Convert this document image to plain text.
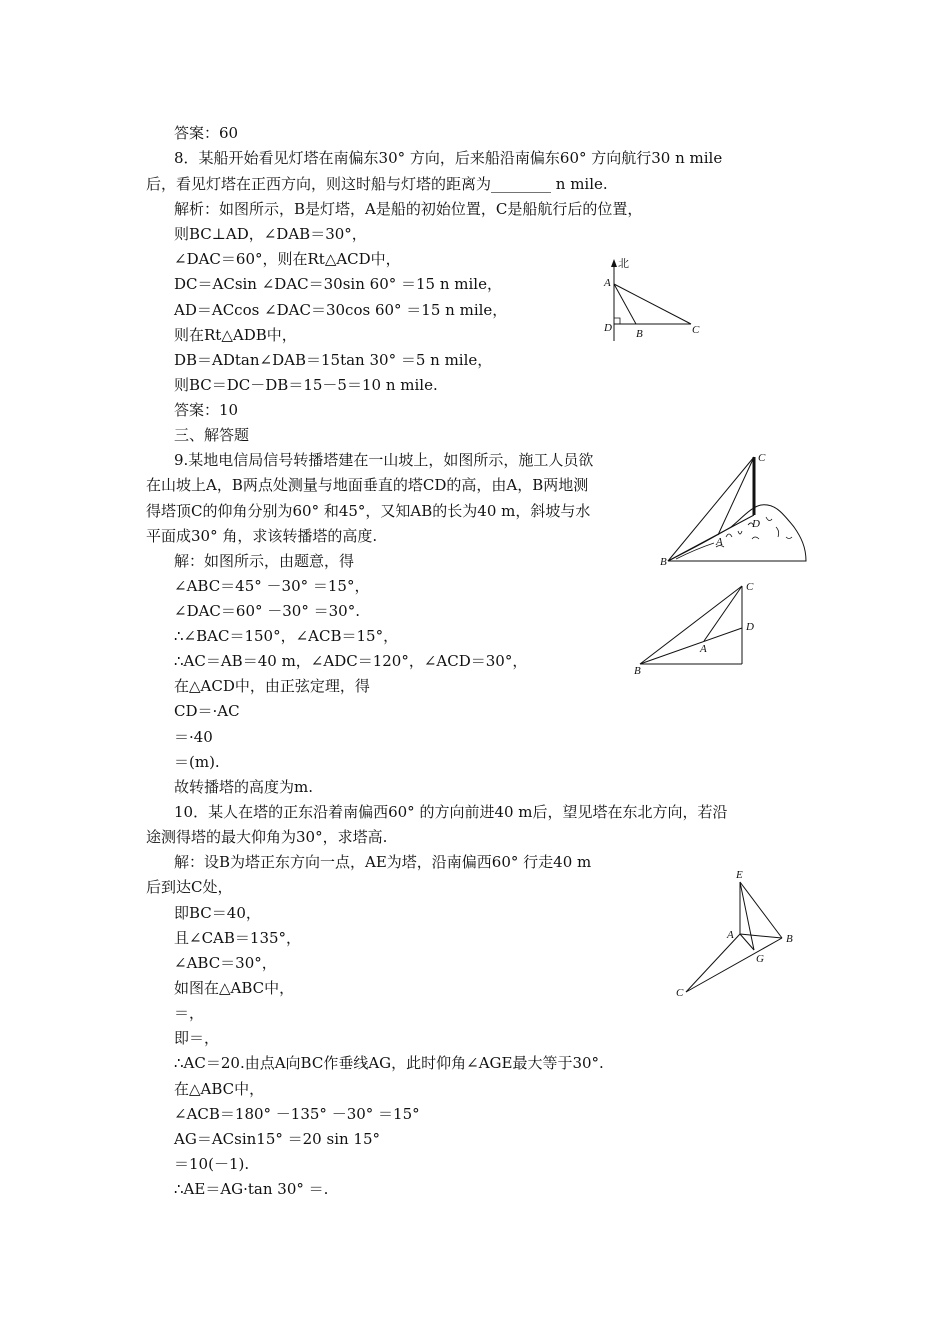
答案：60
8．某船开始看见灯塔在南偏东30° 方向，后来船沿南偏东60° 方向航行30 n mile
后，看见灯塔在正西方向，则这时船与灯塔的距离为________ n mile.
解析：如图所示，B是灯塔，A是船的初始位置，C是船航行后的位置，
则BC⊥AD，∠DAB＝30°，
∠DAC＝60°，则在Rt△ACD中，
DC＝ACsin ∠DAC＝30sin 60° ＝15 n mile，
AD＝ACcos ∠DAC＝30cos 60° ＝15 n mile，
则在Rt△ADB中，
DB＝ADtan∠DAB＝15tan 30° ＝5 n mile，
则BC＝DC－DB＝15－5＝10 n mile.
答案：10
三、解答题
9.某地电信局信号转播塔建在一山坡上，如图所示，施工人员欲
在山坡上A，B两点处测量与地面垂直的塔CD的高，由A，B两地测
得塔顶C的仰角分别为60° 和45°，又知AB的长为40 m，斜坡与水
平面成30° 角，求该转播塔的高度.
解：如图所示，由题意，得
∠ABC＝45° －30° ＝15°，
∠DAC＝60° －30° ＝30°.
∴∠BAC＝150°，∠ACB＝15°，
∴AC＝AB＝40 m，∠ADC＝120°，∠ACD＝30°，
在△ACD中，由正弦定理，得
CD＝·AC
＝·40
＝(m).
故转播塔的高度为m.
10．某人在塔的正东沿着南偏西60° 的方向前进40 m后，望见塔在东北方向，若沿
途测得塔的最大仰角为30°，求塔高.
解：设B为塔正东方向一点，AE为塔，沿南偏西60° 行走40 m
后到达C处，
即BC＝40，
且∠CAB＝135°，
∠ABC＝30°，
如图在△ABC中，
＝，
即＝，
∴AC＝20.由点A向BC作垂线AG，此时仰角∠AGE最大等于30°.
在△ABC中，
∠ACB＝180° －135° －30° ＝15°
AG＝ACsin15° ＝20 sin 15°
＝10(－1).
∴AE＝AG·tan 30° ＝.
北
A
D B	C
C
D
A
B
C
D
A
B
E
A	B
G
C
